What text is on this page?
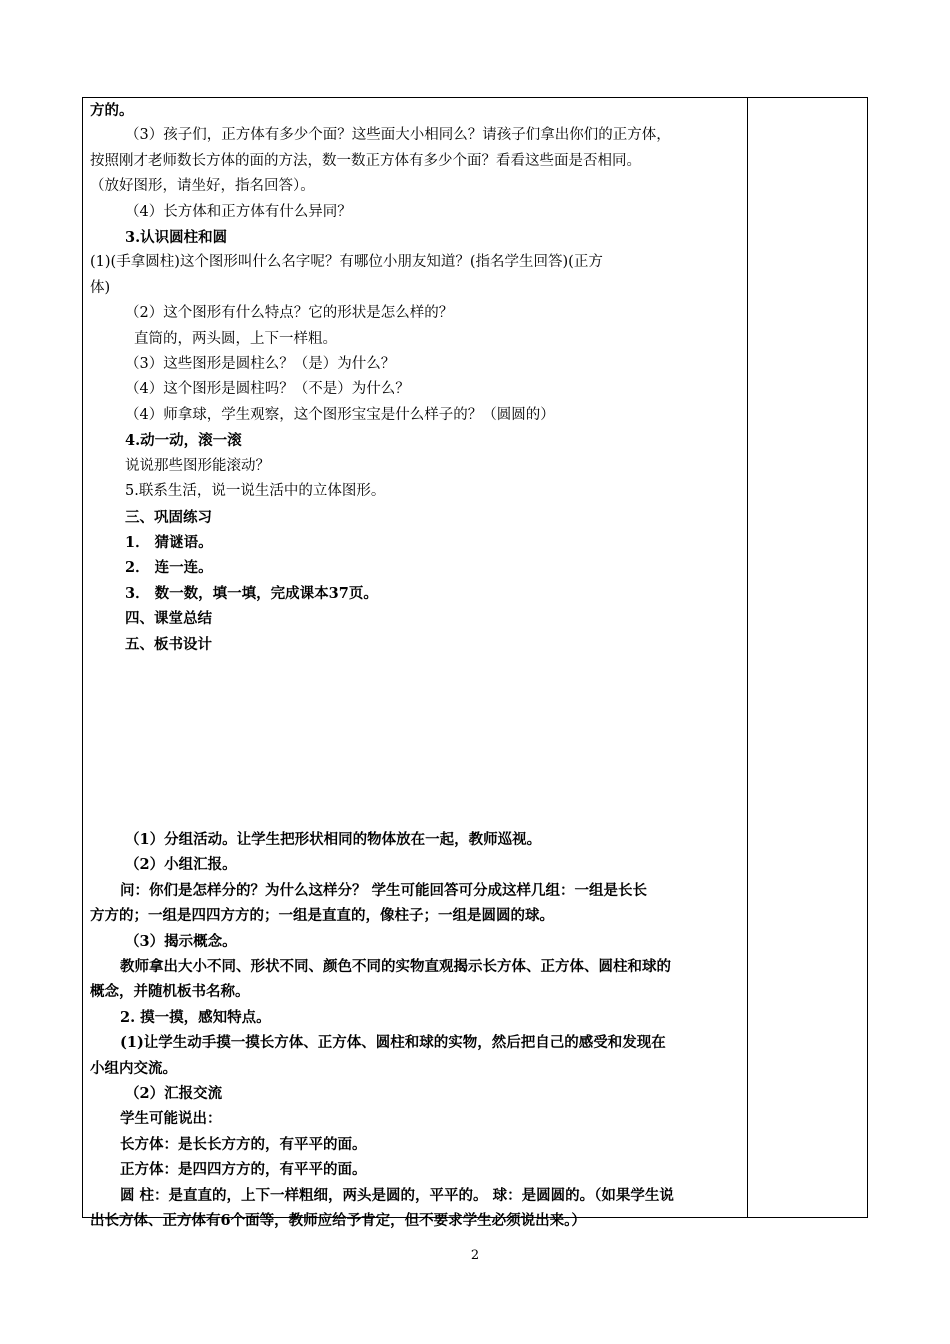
方的。
（3）孩子们，正方体有多少个面？这些面大小相同么？请孩子们拿出你们的正方体，
按照刚才老师数长方体的面的方法，数一数正方体有多少个面？看看这些面是否相同。
（放好图形，请坐好，指名回答）。
（4）长方体和正方体有什么异同？
3.认识圆柱和圆
(1)(手拿圆柱)这个图形叫什么名字呢？有哪位小朋友知道？(指名学生回答)(正方
体)
（2）这个图形有什么特点？它的形状是怎么样的？
直筒的，两头圆，上下一样粗。
（3）这些图形是圆柱么？（是）为什么？
（4）这个图形是圆柱吗？（不是）为什么？
（4）师拿球，学生观察，这个图形宝宝是什么样子的？（圆圆的）
4.动一动，滚一滚
说说那些图形能滚动？
5.联系生活，说一说生活中的立体图形。
三、巩固练习
1． 猜谜语。
2． 连一连。
3． 数一数，填一填，完成课本37页。
四、课堂总结
五、板书设计
（1）分组活动。让学生把形状相同的物体放在一起，教师巡视。
（2）小组汇报。
问：你们是怎样分的？为什么这样分？ 学生可能回答可分成这样几组：一组是长长
方方的；一组是四四方方的；一组是直直的，像柱子；一组是圆圆的球。
（3）揭示概念。
教师拿出大小不同、形状不同、颜色不同的实物直观揭示长方体、正方体、圆柱和球的
概念，并随机板书名称。
2. 摸一摸，感知特点。
(1)让学生动手摸一摸长方体、正方体、圆柱和球的实物，然后把自己的感受和发现在
小组内交流。
（2）汇报交流
学生可能说出：
长方体：是长长方方的，有平平的面。
正方体：是四四方方的，有平平的面。
圆 柱：是直直的，上下一样粗细，两头是圆的，平平的。 球：是圆圆的。（如果学生说
出长方体、正方体有6个面等，教师应给予肯定，但不要求学生必须说出来。）
2
